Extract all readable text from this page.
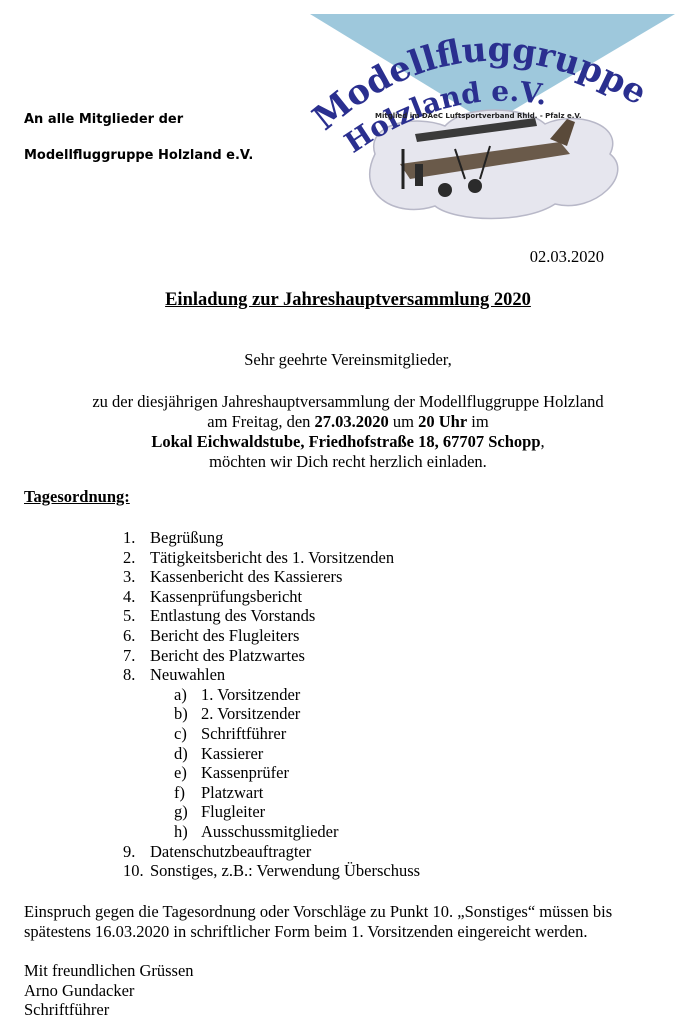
An alle Mitglieder der
Modellfluggruppe Holzland e.V.
Modellfluggruppe
Holzland e.V.
Mitglied im DAeC Luftsportverband Rhld. - Pfalz e.V.
02.03.2020
Einladung zur Jahreshauptversammlung 2020
Sehr geehrte Vereinsmitglieder,
zu der diesjährigen Jahreshauptversammlung der Modellfluggruppe Holzland
am Freitag, den 27.03.2020 um 20 Uhr im
Lokal Eichwaldstube, Friedhofstraße 18, 67707 Schopp,
möchten wir Dich recht herzlich einladen.
Tagesordnung:
1. Begrüßung
2. Tätigkeitsbericht des 1. Vorsitzenden
3. Kassenbericht des Kassierers
4. Kassenprüfungsbericht
5. Entlastung des Vorstands
6. Bericht des Flugleiters
7. Bericht des Platzwartes
8. Neuwahlen
a) 1. Vorsitzender
b) 2. Vorsitzender
c) Schriftführer
d) Kassierer
e) Kassenprüfer
f) Platzwart
g) Flugleiter
h) Ausschussmitglieder
9. Datenschutzbeauftragter
10. Sonstiges, z.B.: Verwendung Überschuss
Einspruch gegen die Tagesordnung oder Vorschläge zu Punkt 10. „Sonstiges“ müssen bis spätestens 16.03.2020 in schriftlicher Form beim 1. Vorsitzenden eingereicht werden.
Mit freundlichen Grüssen
Arno Gundacker
Schriftführer
